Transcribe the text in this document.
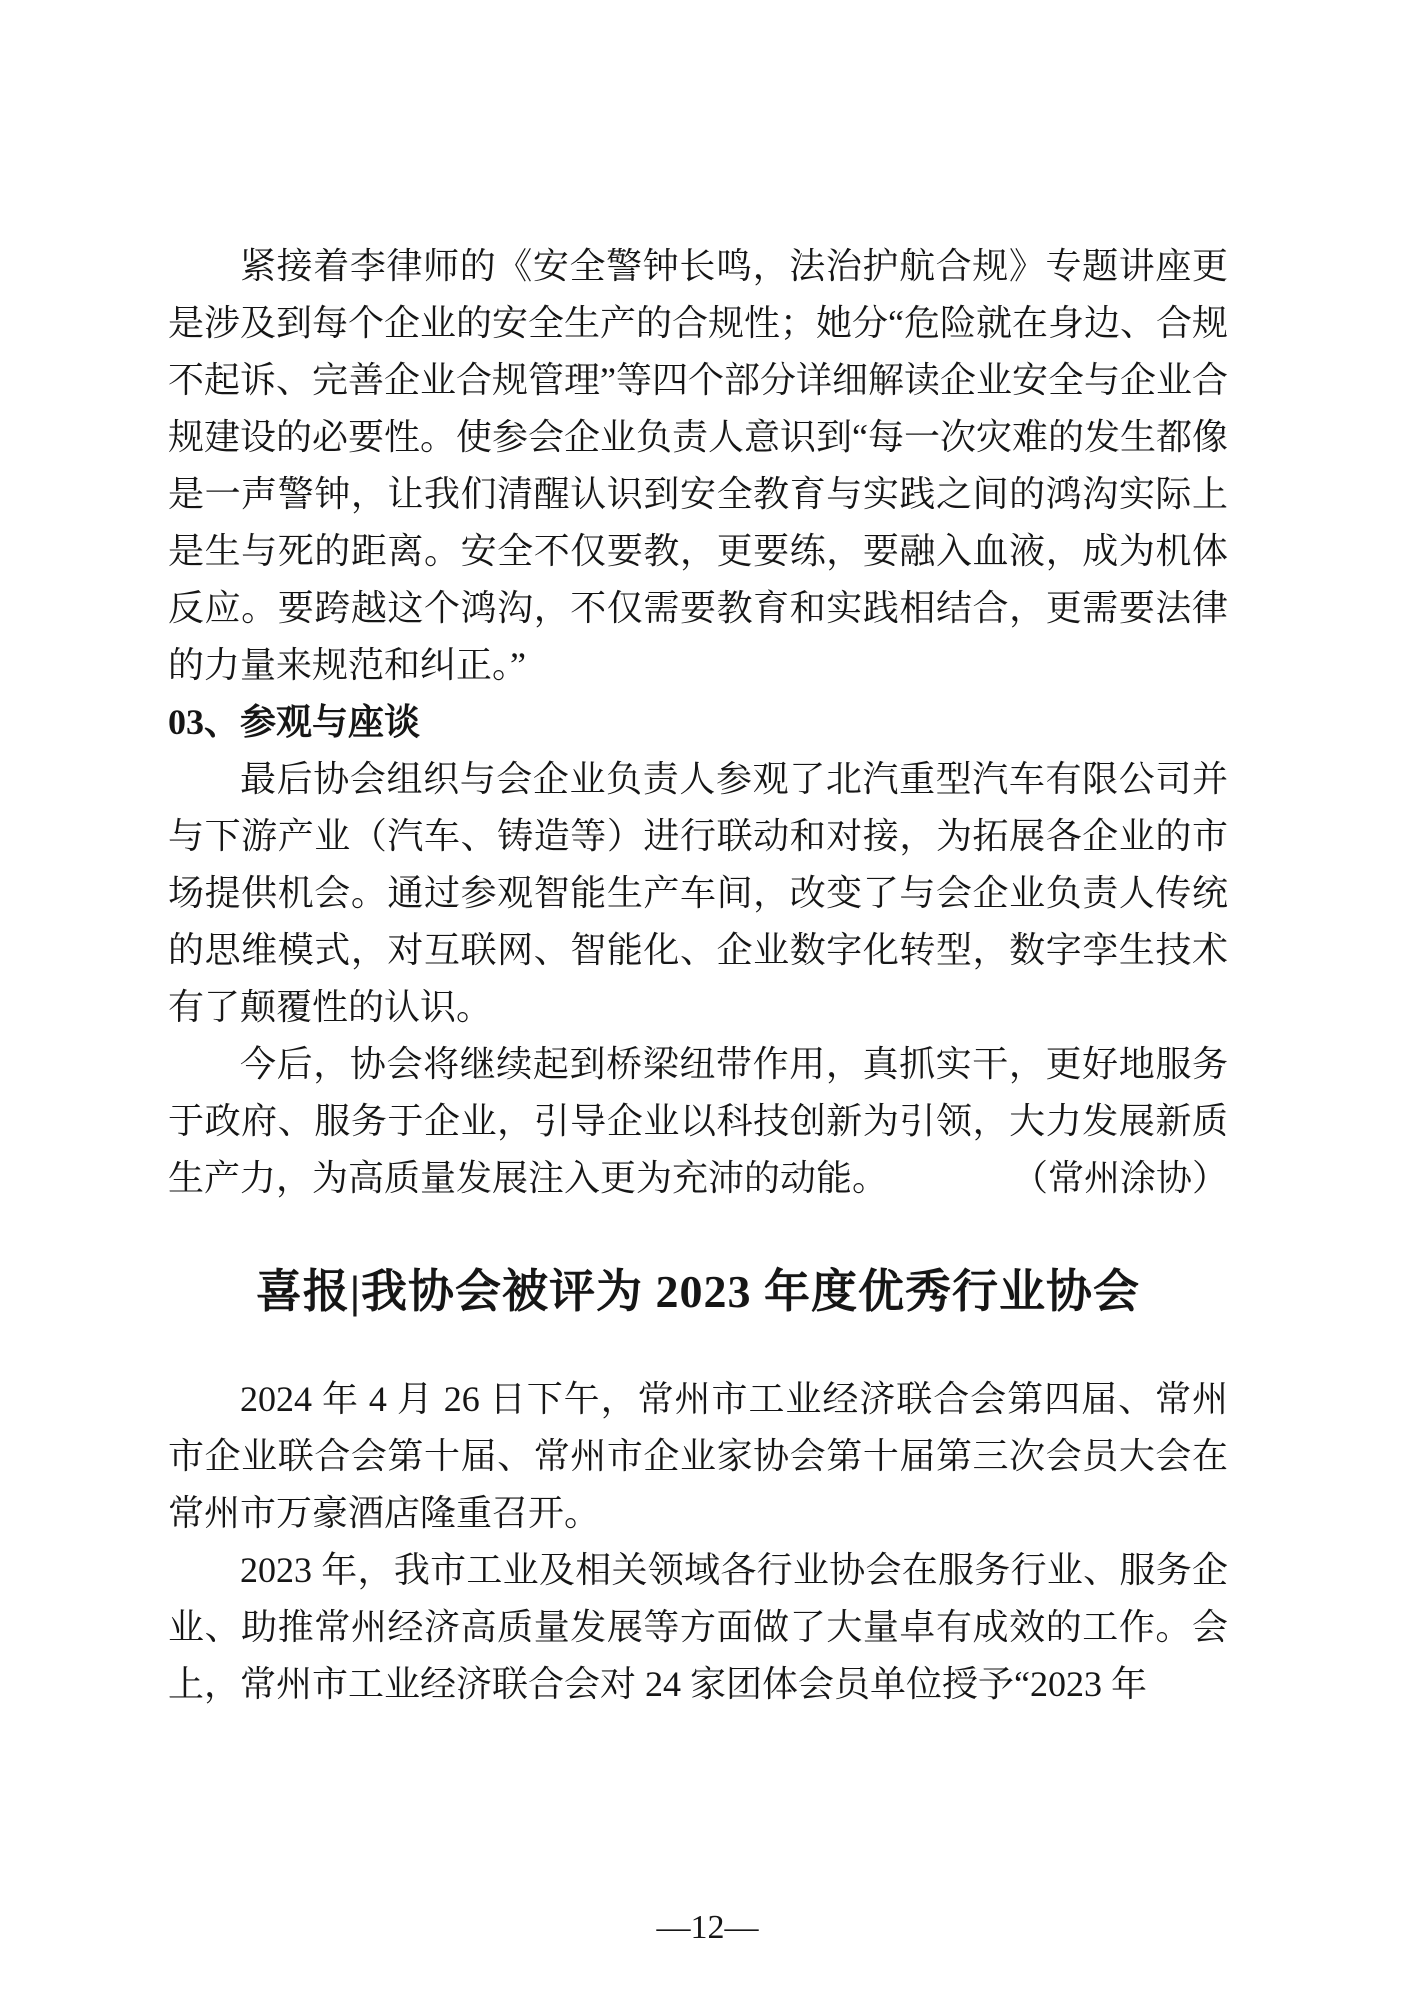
紧接着李律师的《安全警钟长鸣，法治护航合规》专题讲座更是涉及到每个企业的安全生产的合规性；她分“危险就在身边、合规不起诉、完善企业合规管理”等四个部分详细解读企业安全与企业合规建设的必要性。使参会企业负责人意识到“每一次灾难的发生都像是一声警钟，让我们清醒认识到安全教育与实践之间的鸿沟实际上是生与死的距离。安全不仅要教，更要练，要融入血液，成为机体反应。要跨越这个鸿沟，不仅需要教育和实践相结合，更需要法律的力量来规范和纠正。”

03、参观与座谈

最后协会组织与会企业负责人参观了北汽重型汽车有限公司并与下游产业（汽车、铸造等）进行联动和对接，为拓展各企业的市场提供机会。通过参观智能生产车间，改变了与会企业负责人传统的思维模式，对互联网、智能化、企业数字化转型，数字孪生技术有了颠覆性的认识。

今后，协会将继续起到桥梁纽带作用，真抓实干，更好地服务于政府、服务于企业，引导企业以科技创新为引领，大力发展新质生产力，为高质量发展注入更为充沛的动能。	（常州涂协）

喜报|我协会被评为 2023 年度优秀行业协会

2024 年 4 月 26 日下午，常州市工业经济联合会第四届、常州市企业联合会第十届、常州市企业家协会第十届第三次会员大会在常州市万豪酒店隆重召开。

2023 年，我市工业及相关领域各行业协会在服务行业、服务企业、助推常州经济高质量发展等方面做了大量卓有成效的工作。会上，常州市工业经济联合会对 24 家团体会员单位授予“2023 年

—12—
